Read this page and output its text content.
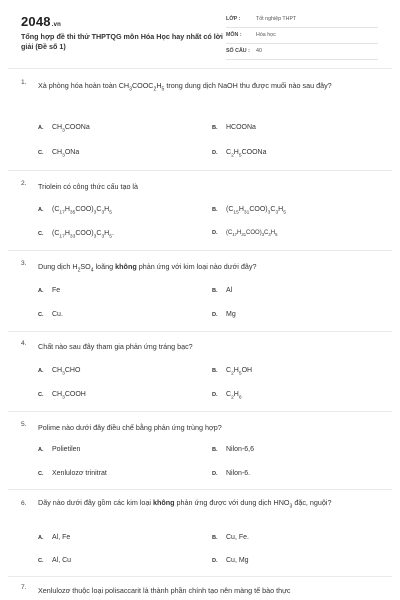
2048.vn
Tổng hợp đề thi thử THPTQG môn Hóa Học hay nhất có lời giải (Đề số 1)
LỚP :	Tốt nghiệp THPT
MÔN :	Hóa học
SỐ CÂU : 40
1. Xà phòng hóa hoàn toàn $CH_3COOC_2H_5$ trong dung dịch NaOH thu được muối nào sau đây?
A. $CH_3COONa$	B. HCOONa
C. $CH_3ONa$	D. $C_2H_5COONa$
2. Triolein có công thức cấu tạo là
A. $(C_{17}H_{35}COO)_3C_3H_5$	B. $(C_{15}H_{31}COO)_3C_3H_5$
C. $(C_{17}H_{33}COO)_3C_3H_5$.	D. $(C_{17}H_{31}COO)_3C_3H_5$
3. Dung dịch $H_2SO_4$ loãng không phản ứng với kim loại nào dưới đây?
A. Fe	B. Al
C. Cu.	D. Mg
4. Chất nào sau đây tham gia phản ứng tráng bạc?
A. $CH_3CHO$	B. $C_2H_5OH$
C. $CH_3COOH$	D. $C_2H_6$
5. Polime nào dưới đây điều chế bằng phản ứng trùng hợp?
A. Polietilen	B. Nilon-6,6
C. Xenlulozơ trinitrat	D. Nilon-6.
6. Dãy nào dưới đây gồm các kim loại không phản ứng được với dung dịch $HNO_3$ đặc, nguội?
A. Al, Fe	B. Cu, Fe.
C. Al, Cu	D. Cu, Mg
7. Xenlulozơ thuộc loại polisaccarit là thành phần chính tạo nên màng tế bào thực
